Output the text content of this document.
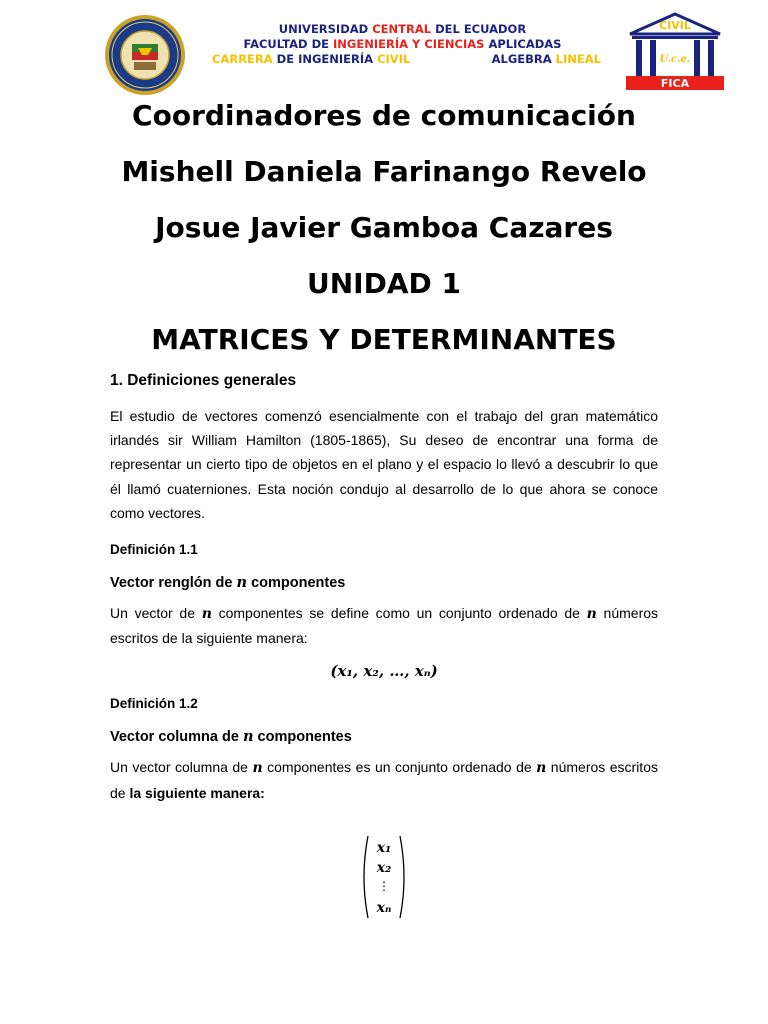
UNIVERSIDAD CENTRAL DEL ECUADOR
FACULTAD DE INGENIERÍA Y CIENCIAS APLICADAS
CARRERA DE INGENIERÍA CIVIL	ALGEBRA LINEAL
CIVIL
U.c.e.
FICA
Coordinadores de comunicación
Mishell Daniela Farinango Revelo
Josue Javier Gamboa Cazares
UNIDAD 1
MATRICES Y DETERMINANTES
1. Definiciones generales

El estudio de vectores comenzó esencialmente con el trabajo del gran matemático irlandés sir William Hamilton (1805-1865), Su deseo de encontrar una forma de representar un cierto tipo de objetos en el plano y el espacio lo llevó a descubrir lo que él llamó cuaterniones. Esta noción condujo al desarrollo de lo que ahora se conoce como vectores.

Definición 1.1
Vector renglón de n componentes

Un vector de n componentes se define como un conjunto ordenado de n números escritos de la siguiente manera:

(x₁, x₂, …, xₙ)
Definición 1.2
Vector columna de n componentes

Un vector columna de n componentes es un conjunto ordenado de n números escritos de la siguiente manera:

x₁
x₂
⋮
xₙ
